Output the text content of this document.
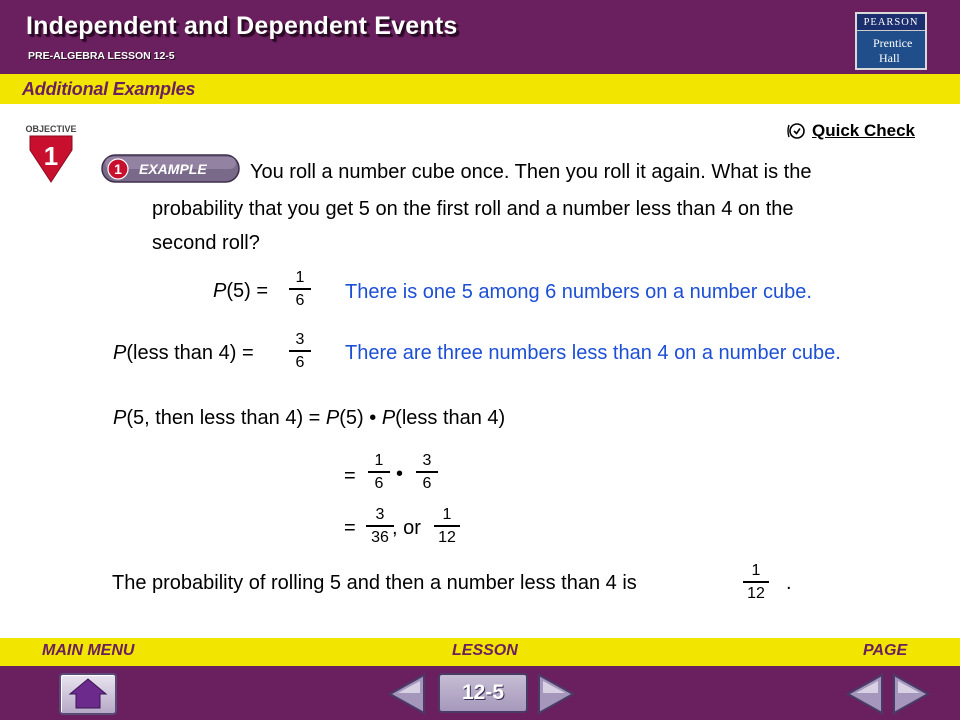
Independent and Dependent Events
PRE-ALGEBRA LESSON 12-5
PEARSON
Prentice
Hall
Additional Examples
OBJECTIVE
1
Quick Check
1 EXAMPLE You roll a number cube once. Then you roll it again. What is the
probability that you get 5 on the first roll and a number less than 4 on the
second roll?
P(5) =
1
6	There is one 5 among 6 numbers on a number cube.
P(less than 4) =
3
6	There are three numbers less than 4 on a number cube.
P(5, then less than 4) = P(5) • P(less than 4)
=
1
6 •
3
6
=
3
36 , or
1
12
The probability of rolling 5 and then a number less than 4 is
1
12 .
MAIN MENU	LESSON	PAGE
12-5
